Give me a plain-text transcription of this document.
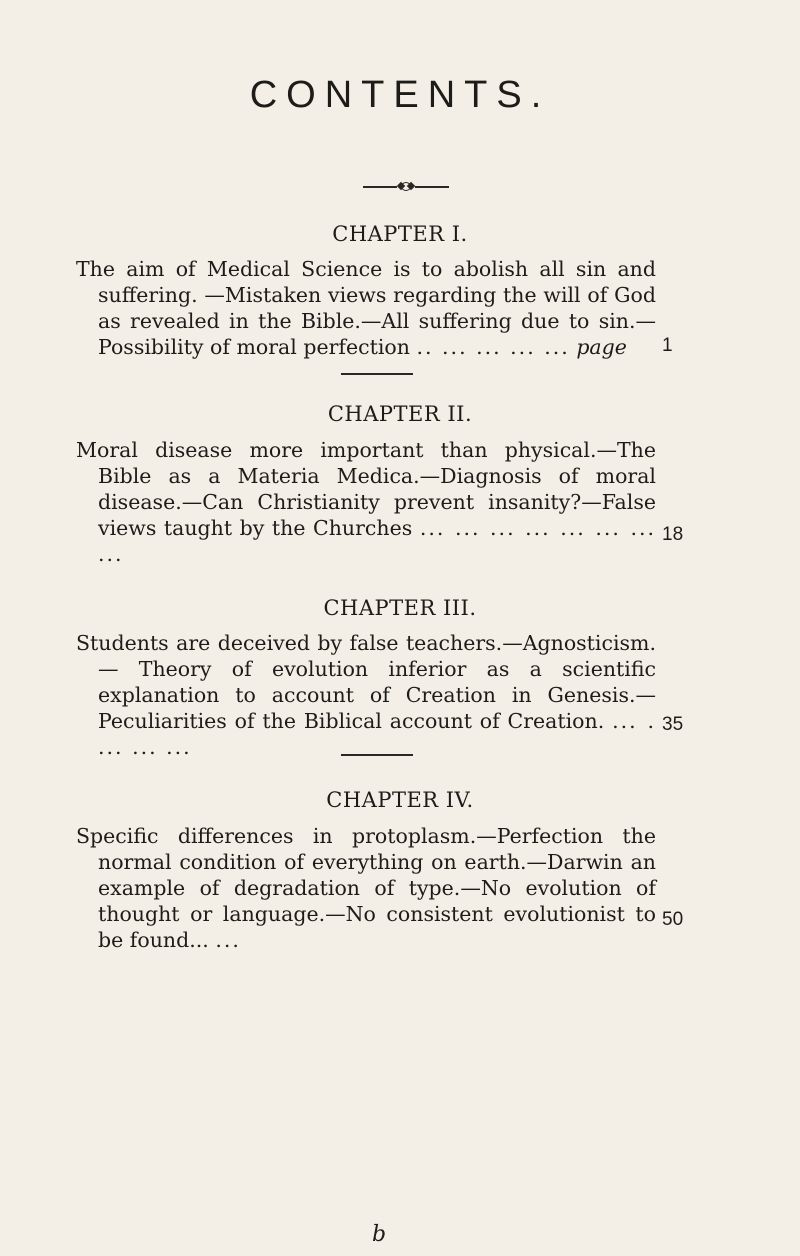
CONTENTS.
CHAPTER I.
The aim of Medical Science is to abolish all sin and suffering. —Mistaken views regarding the will of God as revealed in the Bible.—All suffering due to sin.—Possibility of moral perfection .. ... ... ... ... page	1
CHAPTER II.
Moral disease more important than physical.—The Bible as a Materia Medica.—Diagnosis of moral disease.—Can Christianity prevent insanity?—False views taught by the Churches ... ... ... ... ... ... ... ...
18
CHAPTER III.
Students are deceived by false teachers.—Agnosticism.— Theory of evolution inferior as a scientific explanation to account of Creation in Genesis.—Peculiarities of the Biblical account of Creation. ... . ... ... ...
35
CHAPTER IV.
Specific differences in protoplasm.—Perfection the normal condition of everything on earth.—Darwin an example of degradation of type.—No evolution of thought or language.—No consistent evolutionist to be found... ...
50
b
